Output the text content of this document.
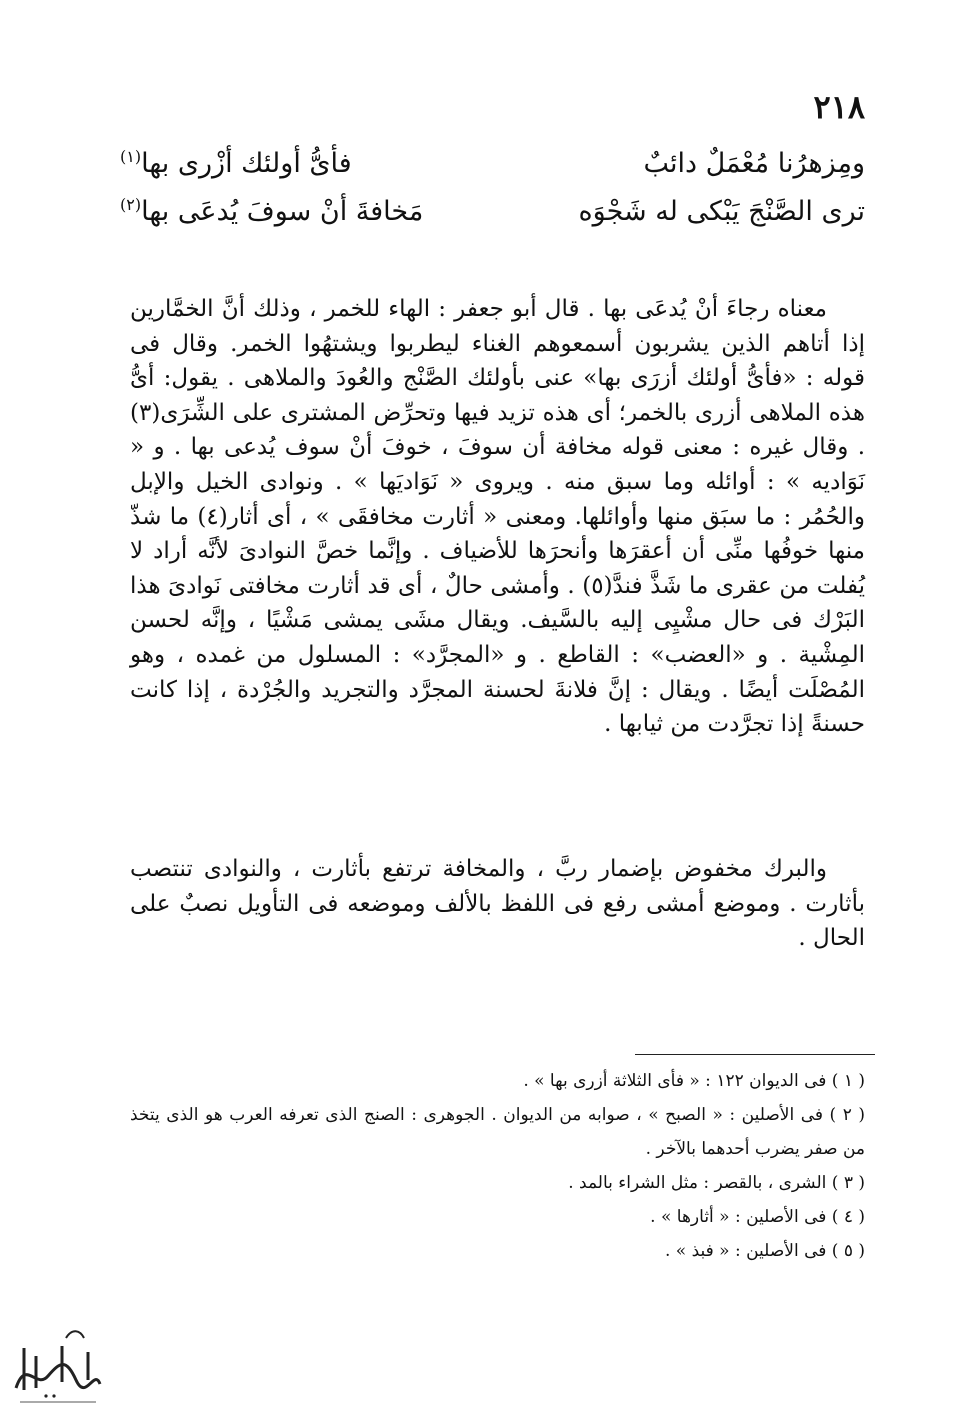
٢١٨
ومِزهرُنا مُعْمَلٌ دائبٌ
فأىُّ أولئك أزْرى بها$^{(١)}$
ترى الصَّنْجَ يَبْكى له شَجْوَه
مَخافةَ أنْ سوفَ يُدعَى بها$^{(٢)}$

معناه رجاءَ أنْ يُدعَى بها . قال أبو جعفر : الهاء للخمر ، وذلك أنَّ الخمَّارين إذا أتاهم الذين يشربون أسمعوهم الغناء ليطربوا ويشتهُوا الخمر. وقال فى قوله : «فأىُّ أولئك أزرَى بها» عنى بأولئك الصَّنْج والعُودَ والملاهى . يقول: أىُّ هذه الملاهى أزرى بالخمر؛ أى هذه تزيد فيها وتحرِّض المشترى على الشِّرَى(٣) . وقال غيره : معنى قوله مخافة أن سوفَ ، خوفَ أنْ سوف يُدعى بها . و « نَوَاديه » : أوائله وما سبق منه . ويروى « نَوَاديَها » . ونوادى الخيل والإبل والحُمُر : ما سبَق منها وأوائلها. ومعنى « أثارت مخافقَى » ، أى أثار(٤) ما شذّ منها خوفُها منِّى أن أعقرَها وأنحرَها للأضياف . وإنَّما خصَّ النوادىَ لأنَّه أراد لا يُفلت من عقرى ما شَذَّ فندَّ(٥) . وأمشى حالٌ ، أى قد أثارت مخافتى نَوادىَ هذا البَرْك فى حال مشْيِى إليه بالسَّيف. ويقال مشَى يمشى مَشْيًا ، وإنَّه لحسن المِشْية . و «العضب» : القاطع . و «المجرَّد» : المسلول من غمده ، وهو المُصْلَت أيضًا . ويقال : إنَّ فلانةَ لحسنة المجرَّد والتجريد والجُرْدة ، إذا كانت حسنةً إذا تجرَّدت من ثيابها .

والبرك مخفوض بإضمار ربَّ ، والمخافة ترتفع بأثارت ، والنوادى تنتصب بأثارت . وموضع أمشى رفع فى اللفظ بالألف وموضعه فى التأويل نصبٌ على الحال .

( ١ ) فى الديوان ١٢٢ : « فأى الثلاثة أزرى بها » .

( ٢ ) فى الأصلين : « الصبح » ، صوابه من الديوان . الجوهرى : الصنج الذى تعرفه العرب هو الذى يتخذ من صفر يضرب أحدهما بالآخر .

( ٣ ) الشرى ، بالقصر : مثل الشراء بالمد .

( ٤ ) فى الأصلين : « أثارها » .

( ٥ ) فى الأصلين : « فبذ » .
